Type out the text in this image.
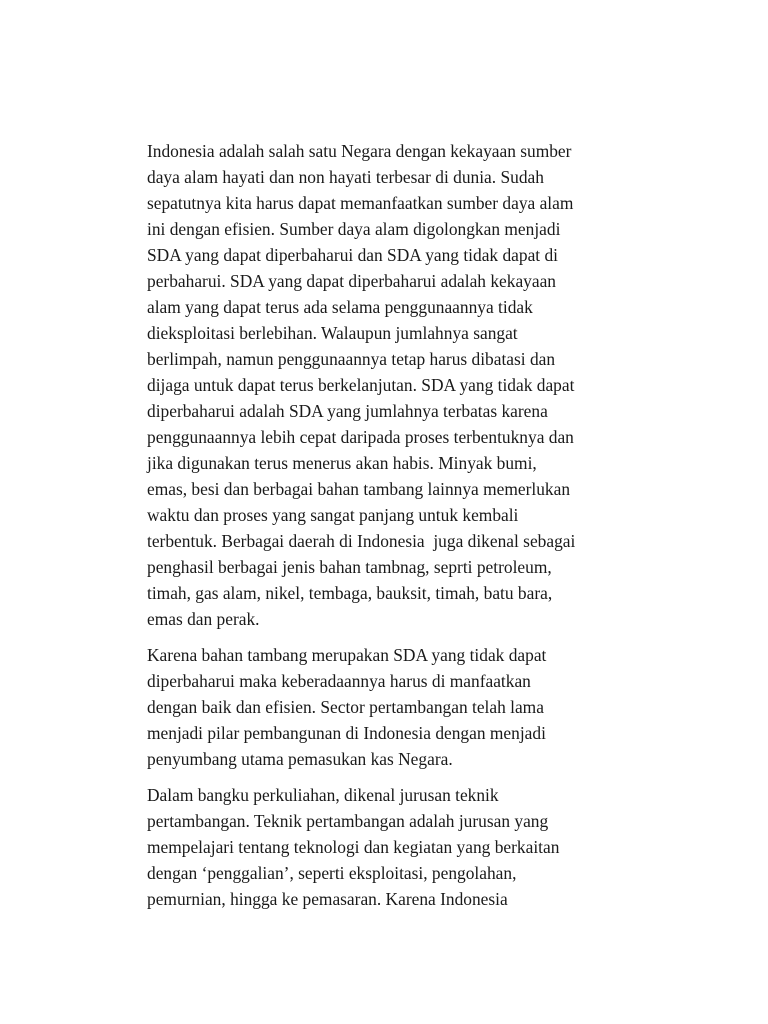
Indonesia adalah salah satu Negara dengan kekayaan sumber
daya alam hayati dan non hayati terbesar di dunia. Sudah
sepatutnya kita harus dapat memanfaatkan sumber daya alam
ini dengan efisien. Sumber daya alam digolongkan menjadi
SDA yang dapat diperbaharui dan SDA yang tidak dapat di
perbaharui. SDA yang dapat diperbaharui adalah kekayaan
alam yang dapat terus ada selama penggunaannya tidak
dieksploitasi berlebihan. Walaupun jumlahnya sangat
berlimpah, namun penggunaannya tetap harus dibatasi dan
dijaga untuk dapat terus berkelanjutan. SDA yang tidak dapat
diperbaharui adalah SDA yang jumlahnya terbatas karena
penggunaannya lebih cepat daripada proses terbentuknya dan
jika digunakan terus menerus akan habis. Minyak bumi,
emas, besi dan berbagai bahan tambang lainnya memerlukan
waktu dan proses yang sangat panjang untuk kembali
terbentuk. Berbagai daerah di Indonesia  juga dikenal sebagai
penghasil berbagai jenis bahan tambnag, seprti petroleum,
timah, gas alam, nikel, tembaga, bauksit, timah, batu bara,
emas dan perak.

Karena bahan tambang merupakan SDA yang tidak dapat
diperbaharui maka keberadaannya harus di manfaatkan
dengan baik dan efisien. Sector pertambangan telah lama
menjadi pilar pembangunan di Indonesia dengan menjadi
penyumbang utama pemasukan kas Negara.

Dalam bangku perkuliahan, dikenal jurusan teknik
pertambangan. Teknik pertambangan adalah jurusan yang
mempelajari tentang teknologi dan kegiatan yang berkaitan
dengan ‘penggalian’, seperti eksploitasi, pengolahan,
pemurnian, hingga ke pemasaran. Karena Indonesia
